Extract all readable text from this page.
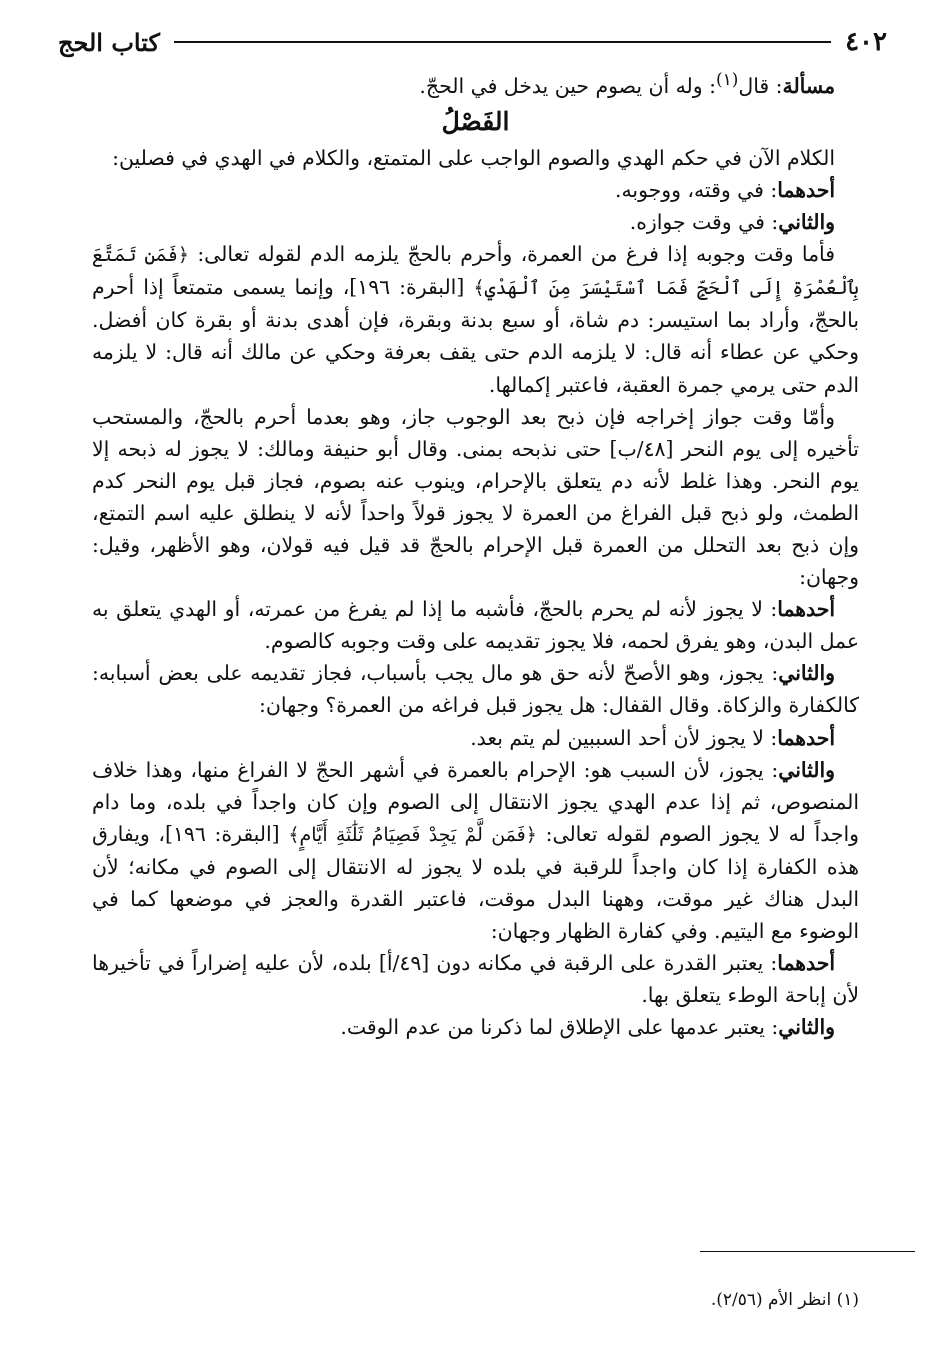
٤٠٢
كتاب الحج

مسألة: قال$^{(١)}$: وله أن يصوم حين يدخل في الحجّ.

الفَصْلُ

الكلام الآن في حكم الهدي والصوم الواجب على المتمتع، والكلام في الهدي في فصلين:

أحدهما: في وقته، ووجوبه.

والثاني: في وقت جوازه.

فأما وقت وجوبه إذا فرغ من العمرة، وأحرم بالحجّ يلزمه الدم لقوله تعالى: ﴿فَمَن تَمَتَّعَ بِٱلْعُمْرَةِ إِلَى ٱلْحَجِّ فَمَا ٱسْتَيْسَرَ مِنَ ٱلْهَدْيِ﴾ [البقرة: ١٩٦]، وإنما يسمى متمتعاً إذا أحرم بالحجّ، وأراد بما استيسر: دم شاة، أو سبع بدنة وبقرة، فإن أهدى بدنة أو بقرة كان أفضل. وحكي عن عطاء أنه قال: لا يلزمه الدم حتى يقف بعرفة وحكي عن مالك أنه قال: لا يلزمه الدم حتى يرمي جمرة العقبة، فاعتبر إكمالها.

وأمّا وقت جواز إخراجه فإن ذبح بعد الوجوب جاز، وهو بعدما أحرم بالحجّ، والمستحب تأخيره إلى يوم النحر [٤٨/ب] حتى نذبحه بمنى. وقال أبو حنيفة ومالك: لا يجوز له ذبحه إلا يوم النحر. وهذا غلط لأنه دم يتعلق بالإحرام، وينوب عنه بصوم، فجاز قبل يوم النحر كدم الطمث، ولو ذبح قبل الفراغ من العمرة لا يجوز قولاً واحداً لأنه لا ينطلق عليه اسم التمتع، وإن ذبح بعد التحلل من العمرة قبل الإحرام بالحجّ قد قيل فيه قولان، وهو الأظهر، وقيل: وجهان:

أحدهما: لا يجوز لأنه لم يحرم بالحجّ، فأشبه ما إذا لم يفرغ من عمرته، أو الهدي يتعلق به عمل البدن، وهو يفرق لحمه، فلا يجوز تقديمه على وقت وجوبه كالصوم.

والثاني: يجوز، وهو الأصحّ لأنه حق هو مال يجب بأسباب، فجاز تقديمه على بعض أسبابه: كالكفارة والزكاة. وقال القفال: هل يجوز قبل فراغه من العمرة؟ وجهان:

أحدهما: لا يجوز لأن أحد السببين لم يتم بعد.

والثاني: يجوز، لأن السبب هو: الإحرام بالعمرة في أشهر الحجّ لا الفراغ منها، وهذا خلاف المنصوص، ثم إذا عدم الهدي يجوز الانتقال إلى الصوم وإن كان واجداً في بلده، وما دام واجداً له لا يجوز الصوم لقوله تعالى: ﴿فَمَن لَّمْ يَجِدْ فَصِيَامُ ثَلَٰثَةِ أَيَّامٍ﴾ [البقرة: ١٩٦]، ويفارق هذه الكفارة إذا كان واجداً للرقبة في بلده لا يجوز له الانتقال إلى الصوم في مكانه؛ لأن البدل هناك غير موقت، وههنا البدل موقت، فاعتبر القدرة والعجز في موضعها كما في الوضوء مع اليتيم. وفي كفارة الظهار وجهان:

أحدهما: يعتبر القدرة على الرقبة في مكانه دون [٤٩/أ] بلده، لأن عليه إضراراً في تأخيرها لأن إباحة الوطء يتعلق بها.

والثاني: يعتبر عدمها على الإطلاق لما ذكرنا من عدم الوقت.

(١) انظر الأم (٢/٥٦).
